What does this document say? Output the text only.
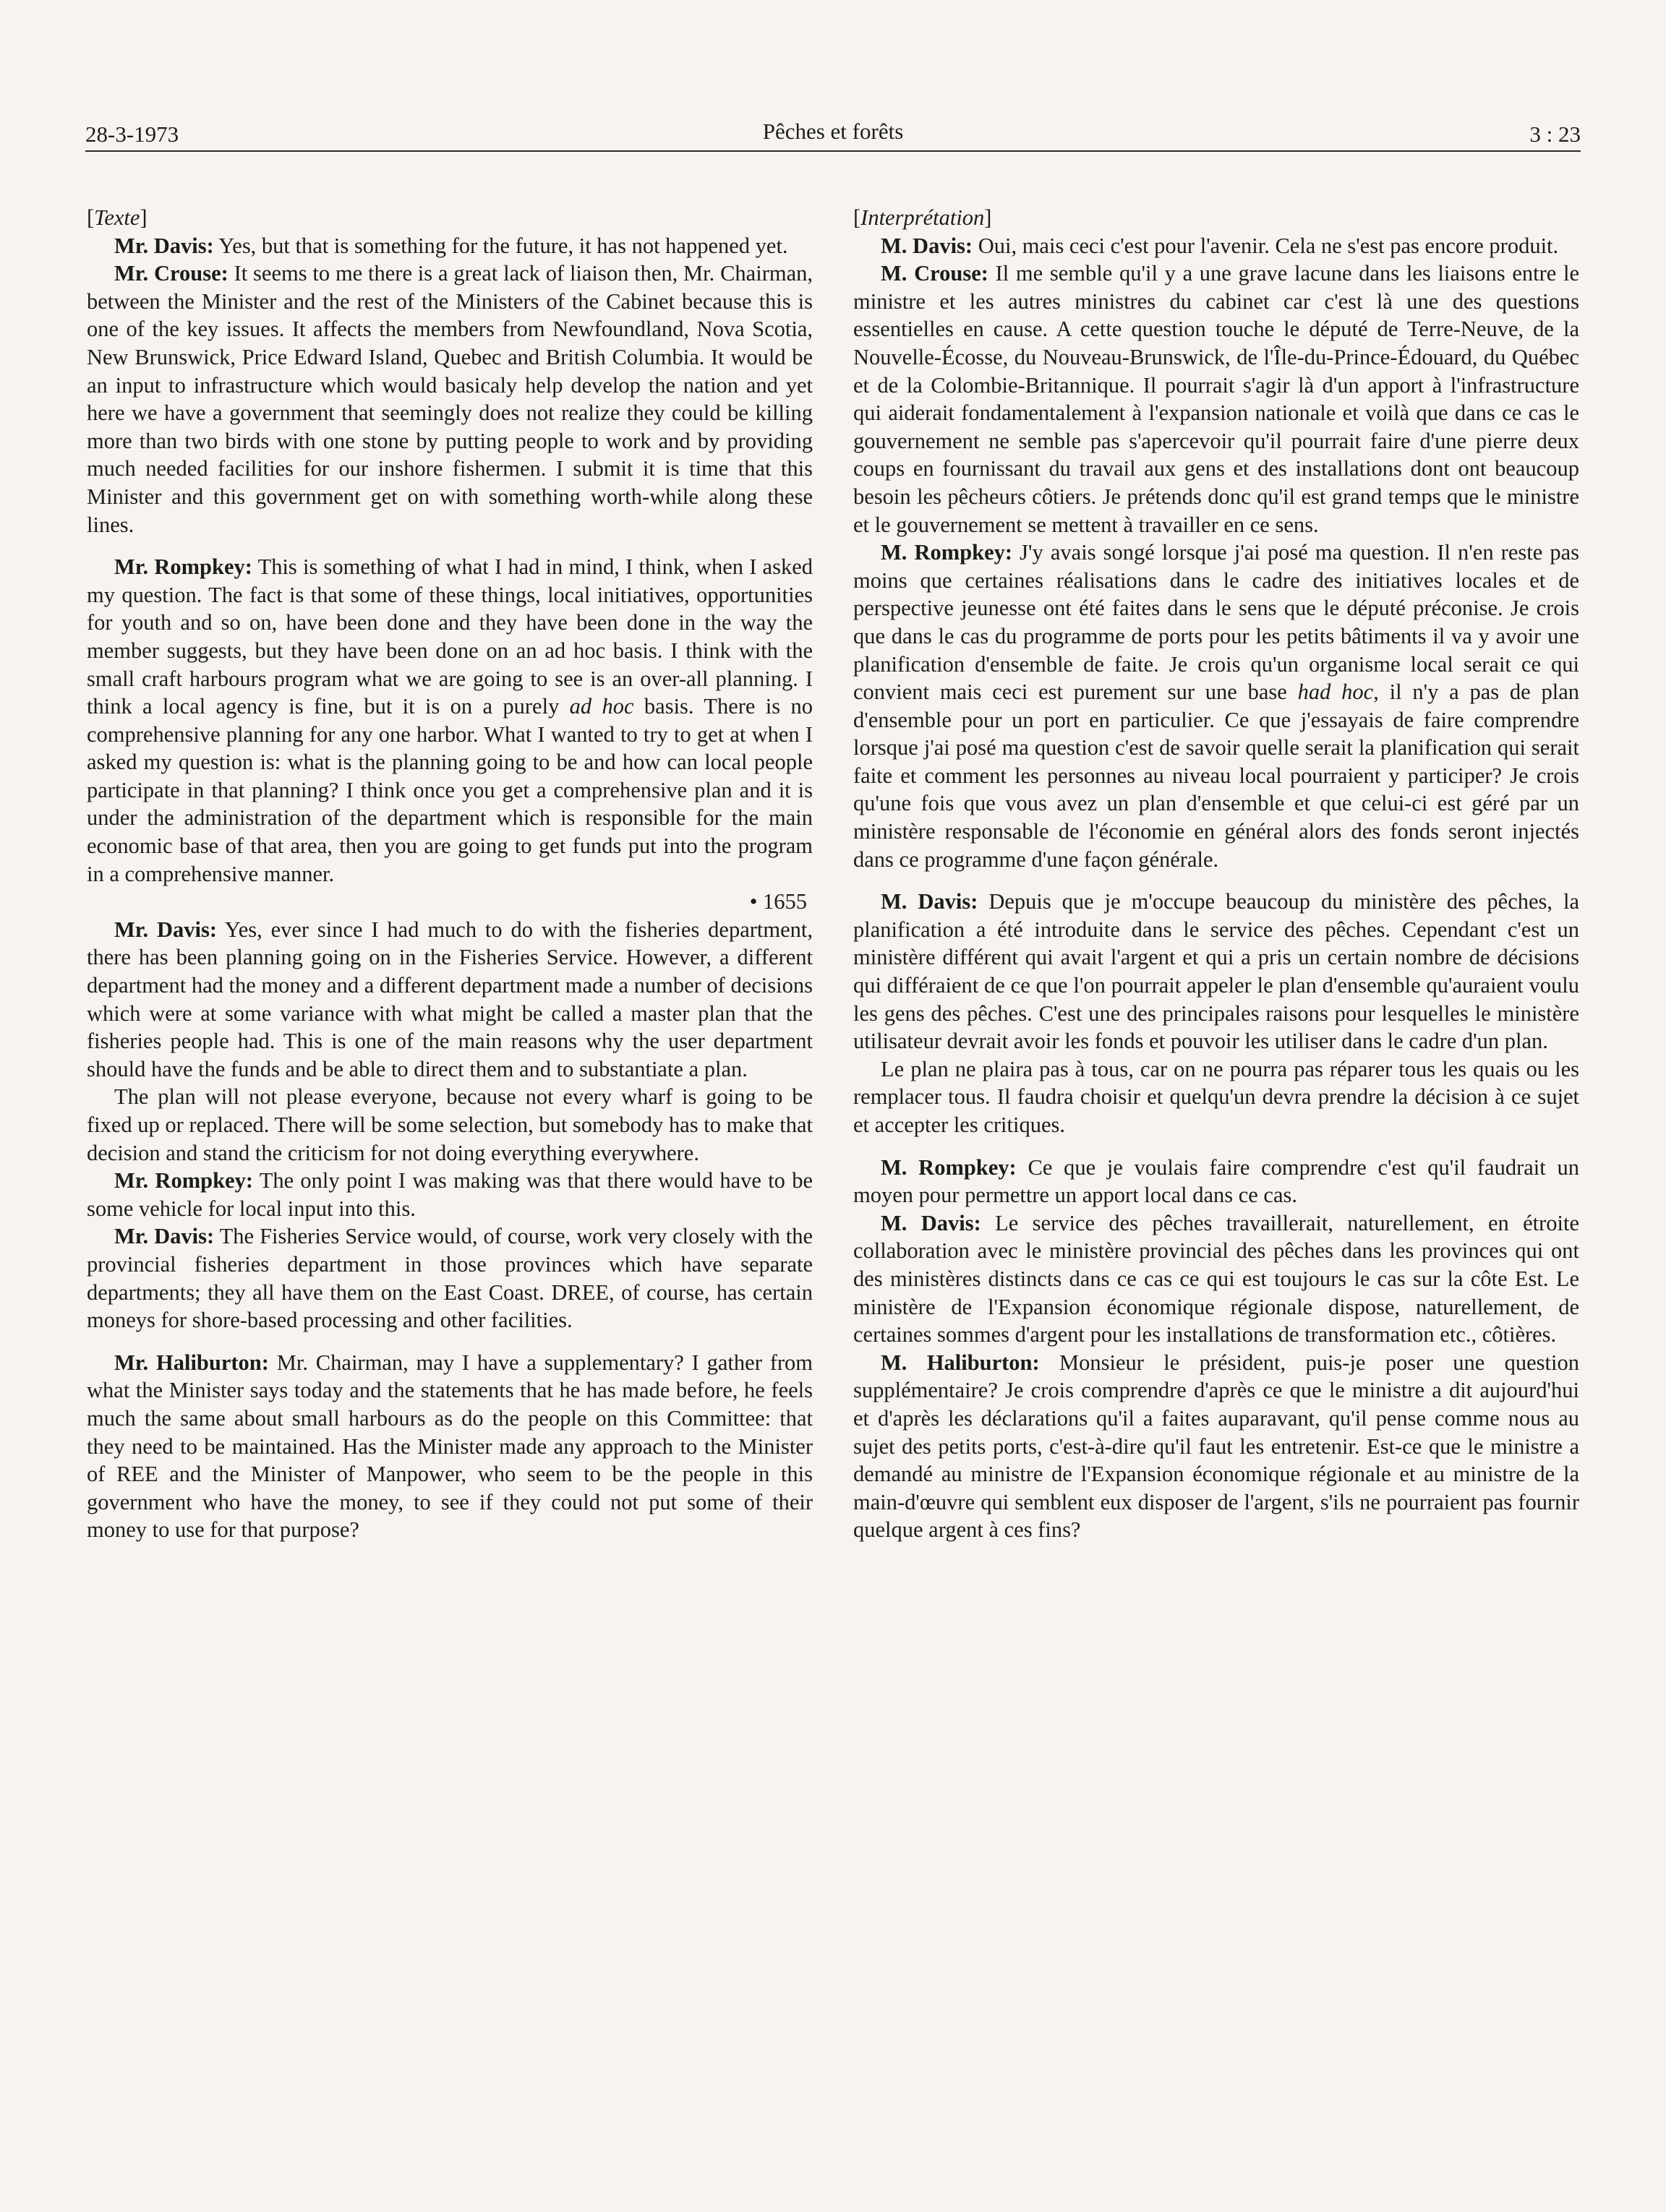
28-3-1973	Pêches et forêts	3 : 23
[Texte]

Mr. Davis: Yes, but that is something for the future, it has not happened yet.

Mr. Crouse: It seems to me there is a great lack of liaison then, Mr. Chairman, between the Minister and the rest of the Ministers of the Cabinet because this is one of the key issues. It affects the members from Newfoundland, Nova Scotia, New Brunswick, Price Edward Island, Quebec and British Columbia. It would be an input to infrastructure which would basicaly help develop the nation and yet here we have a government that seemingly does not realize they could be killing more than two birds with one stone by putting people to work and by providing much needed facilities for our inshore fishermen. I submit it is time that this Minister and this government get on with something worth-while along these lines.

Mr. Rompkey: This is something of what I had in mind, I think, when I asked my question. The fact is that some of these things, local initiatives, opportunities for youth and so on, have been done and they have been done in the way the member suggests, but they have been done on an ad hoc basis. I think with the small craft harbours program what we are going to see is an over-all planning. I think a local agency is fine, but it is on a purely ad hoc basis. There is no comprehensive planning for any one harbor. What I wanted to try to get at when I asked my question is: what is the planning going to be and how can local people participate in that planning? I think once you get a comprehensive plan and it is under the administration of the department which is responsible for the main economic base of that area, then you are going to get funds put into the program in a comprehensive manner.

• 1655

Mr. Davis: Yes, ever since I had much to do with the fisheries department, there has been planning going on in the Fisheries Service. However, a different department had the money and a different department made a number of decisions which were at some variance with what might be called a master plan that the fisheries people had. This is one of the main reasons why the user department should have the funds and be able to direct them and to substantiate a plan.

The plan will not please everyone, because not every wharf is going to be fixed up or replaced. There will be some selection, but somebody has to make that decision and stand the criticism for not doing everything everywhere.

Mr. Rompkey: The only point I was making was that there would have to be some vehicle for local input into this.

Mr. Davis: The Fisheries Service would, of course, work very closely with the provincial fisheries department in those provinces which have separate departments; they all have them on the East Coast. DREE, of course, has certain moneys for shore-based processing and other facilities.

Mr. Haliburton: Mr. Chairman, may I have a supplementary? I gather from what the Minister says today and the statements that he has made before, he feels much the same about small harbours as do the people on this Committee: that they need to be maintained. Has the Minister made any approach to the Minister of REE and the Minister of Manpower, who seem to be the people in this government who have the money, to see if they could not put some of their money to use for that purpose?

[Interprétation]

M. Davis: Oui, mais ceci c'est pour l'avenir. Cela ne s'est pas encore produit.

M. Crouse: Il me semble qu'il y a une grave lacune dans les liaisons entre le ministre et les autres ministres du cabinet car c'est là une des questions essentielles en cause. A cette question touche le député de Terre-Neuve, de la Nouvelle-Écosse, du Nouveau-Brunswick, de l'Île-du-Prince-Édouard, du Québec et de la Colombie-Britannique. Il pourrait s'agir là d'un apport à l'infrastructure qui aiderait fondamentalement à l'expansion nationale et voilà que dans ce cas le gouvernement ne semble pas s'apercevoir qu'il pourrait faire d'une pierre deux coups en fournissant du travail aux gens et des installations dont ont beaucoup besoin les pêcheurs côtiers. Je prétends donc qu'il est grand temps que le ministre et le gouvernement se mettent à travailler en ce sens.

M. Rompkey: J'y avais songé lorsque j'ai posé ma question. Il n'en reste pas moins que certaines réalisations dans le cadre des initiatives locales et de perspective jeunesse ont été faites dans le sens que le député préconise. Je crois que dans le cas du programme de ports pour les petits bâtiments il va y avoir une planification d'ensemble de faite. Je crois qu'un organisme local serait ce qui convient mais ceci est purement sur une base had hoc, il n'y a pas de plan d'ensemble pour un port en particulier. Ce que j'essayais de faire comprendre lorsque j'ai posé ma question c'est de savoir quelle serait la planification qui serait faite et comment les personnes au niveau local pourraient y participer? Je crois qu'une fois que vous avez un plan d'ensemble et que celui-ci est géré par un ministère responsable de l'économie en général alors des fonds seront injectés dans ce programme d'une façon générale.

M. Davis: Depuis que je m'occupe beaucoup du ministère des pêches, la planification a été introduite dans le service des pêches. Cependant c'est un ministère différent qui avait l'argent et qui a pris un certain nombre de décisions qui différaient de ce que l'on pourrait appeler le plan d'ensemble qu'auraient voulu les gens des pêches. C'est une des principales raisons pour lesquelles le ministère utilisateur devrait avoir les fonds et pouvoir les utiliser dans le cadre d'un plan.

Le plan ne plaira pas à tous, car on ne pourra pas réparer tous les quais ou les remplacer tous. Il faudra choisir et quelqu'un devra prendre la décision à ce sujet et accepter les critiques.

M. Rompkey: Ce que je voulais faire comprendre c'est qu'il faudrait un moyen pour permettre un apport local dans ce cas.

M. Davis: Le service des pêches travaillerait, naturellement, en étroite collaboration avec le ministère provincial des pêches dans les provinces qui ont des ministères distincts dans ce cas ce qui est toujours le cas sur la côte Est. Le ministère de l'Expansion économique régionale dispose, naturellement, de certaines sommes d'argent pour les installations de transformation etc., côtières.

M. Haliburton: Monsieur le président, puis-je poser une question supplémentaire? Je crois comprendre d'après ce que le ministre a dit aujourd'hui et d'après les déclarations qu'il a faites auparavant, qu'il pense comme nous au sujet des petits ports, c'est-à-dire qu'il faut les entretenir. Est-ce que le ministre a demandé au ministre de l'Expansion économique régionale et au ministre de la main-d'œuvre qui semblent eux disposer de l'argent, s'ils ne pourraient pas fournir quelque argent à ces fins?
